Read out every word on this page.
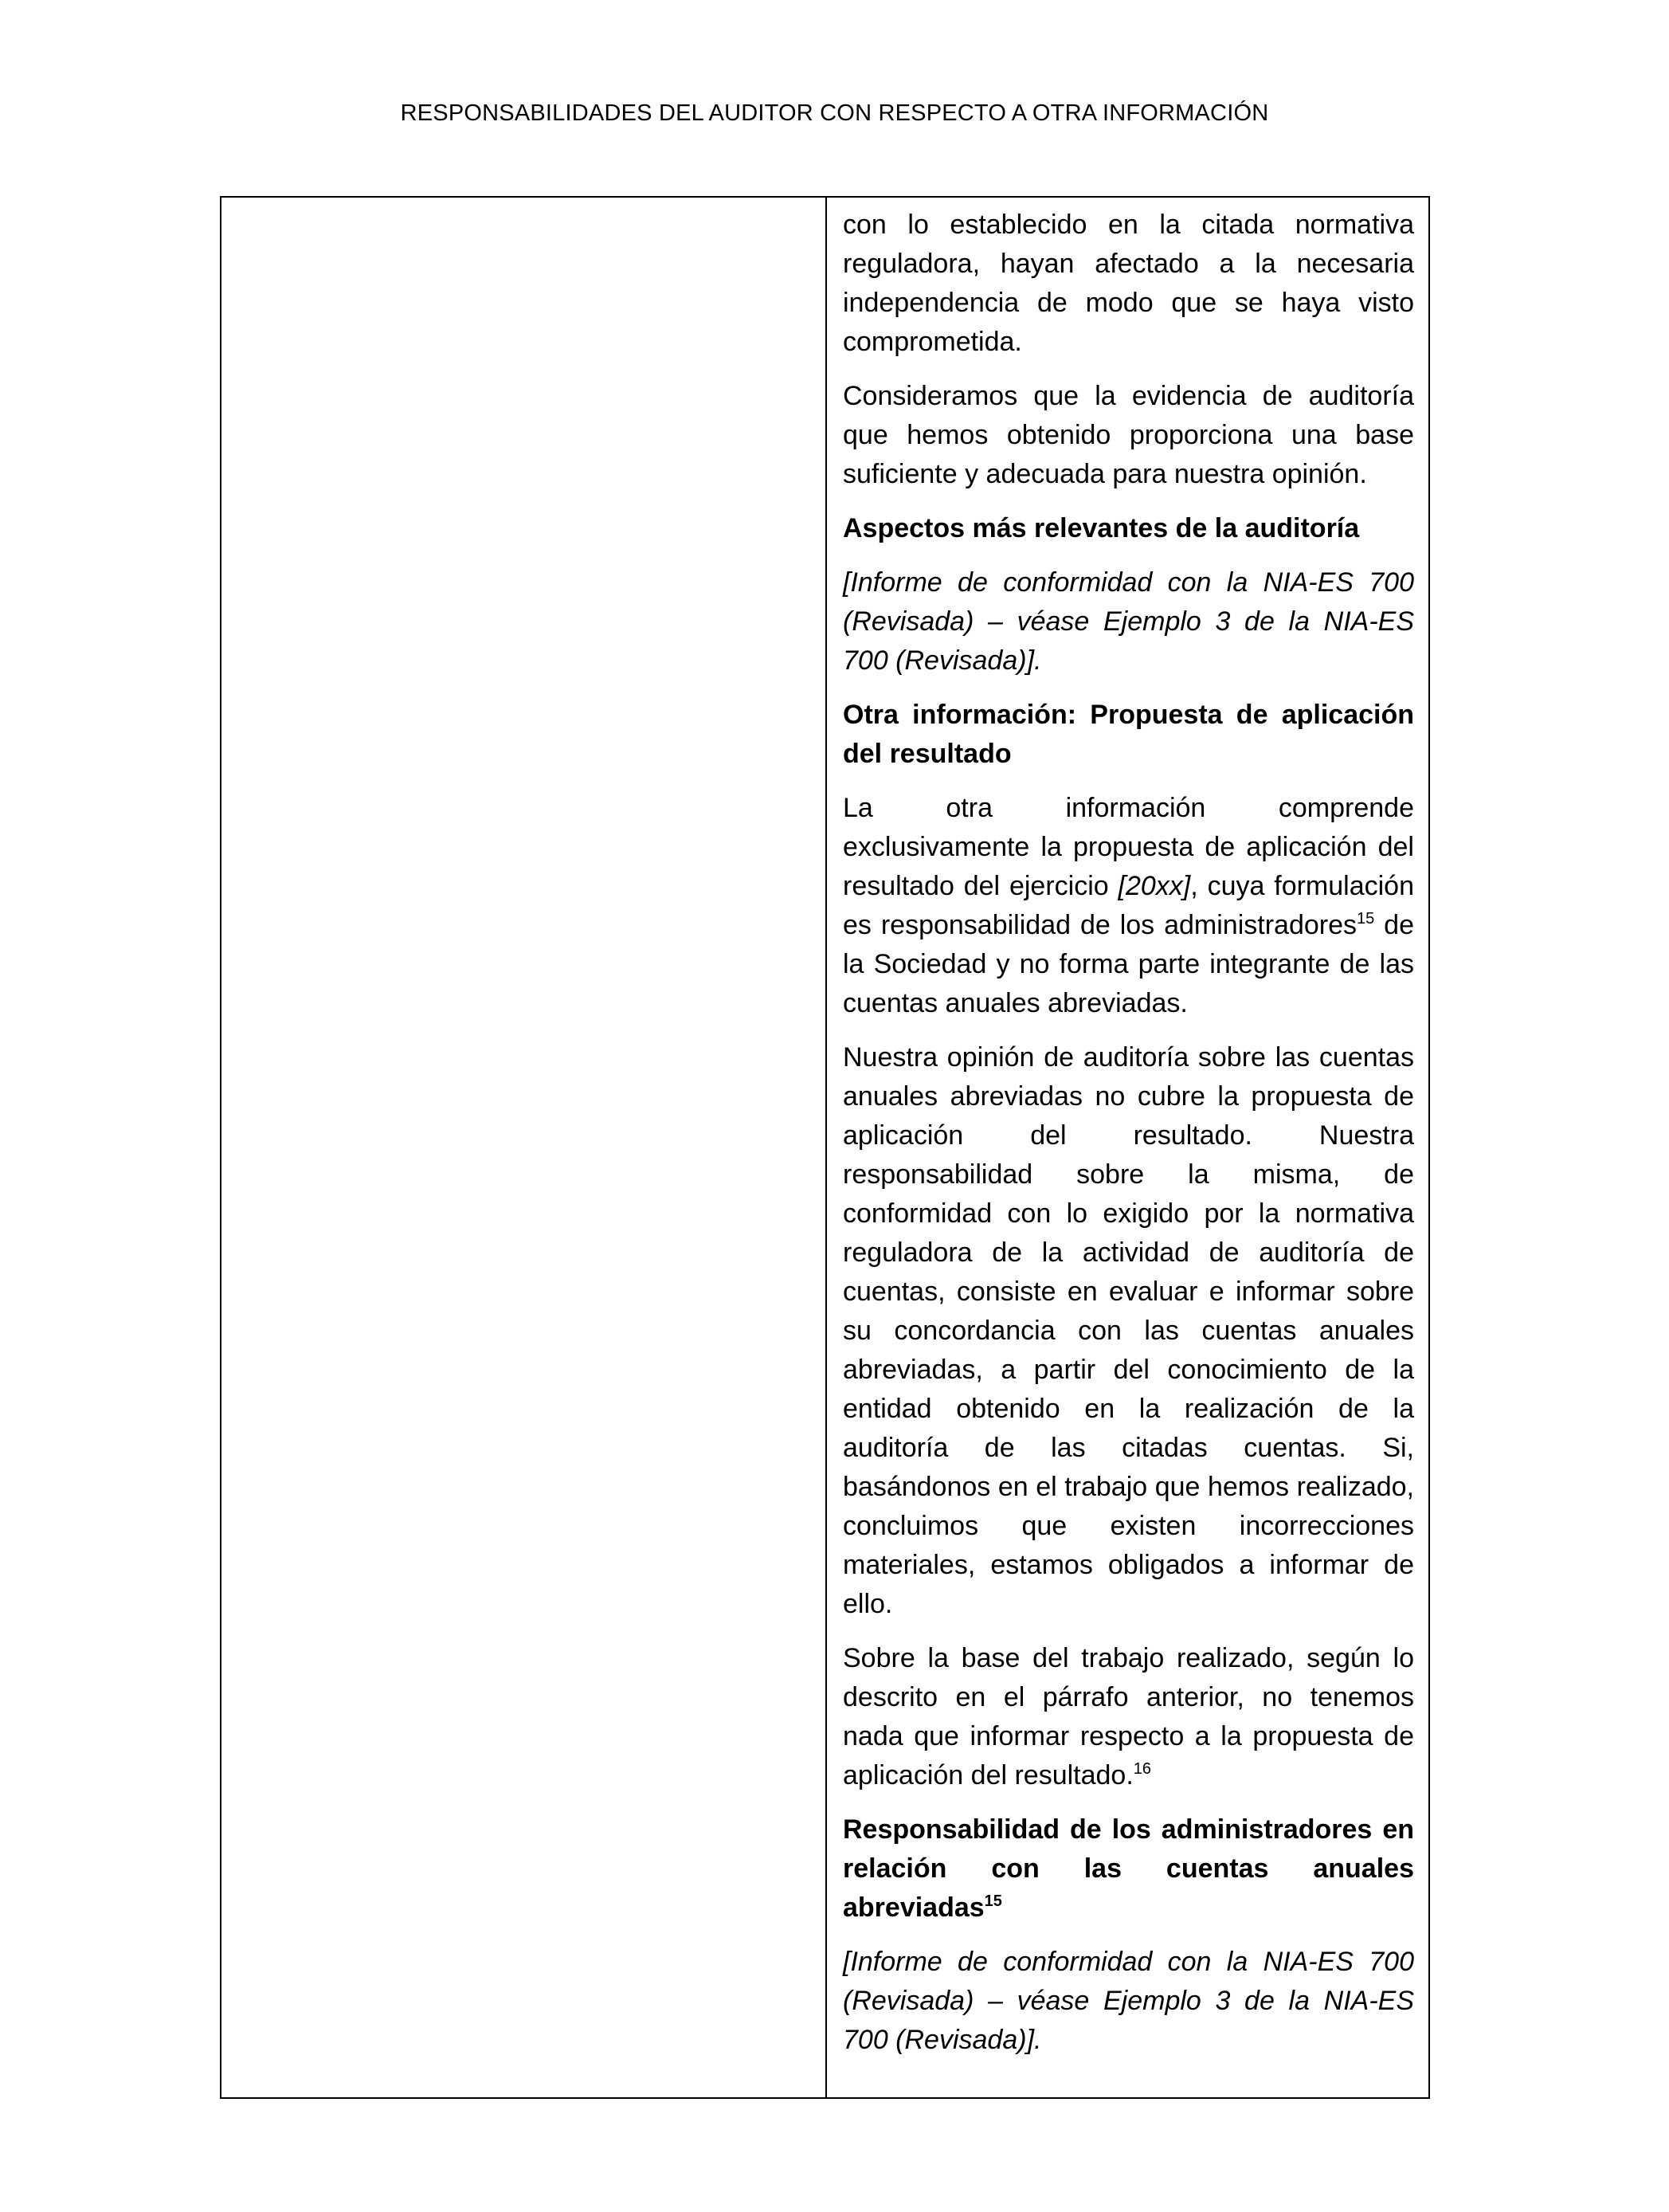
RESPONSABILIDADES DEL AUDITOR CON RESPECTO A OTRA INFORMACIÓN

con lo establecido en la citada normativa reguladora, hayan afectado a la necesaria independencia de modo que se haya visto comprometida.

Consideramos que la evidencia de auditoría que hemos obtenido proporciona una base suficiente y adecuada para nuestra opinión.

Aspectos más relevantes de la auditoría

[Informe de conformidad con la NIA-ES 700 (Revisada) – véase Ejemplo 3 de la NIA-ES 700 (Revisada)].

Otra información: Propuesta de aplicación del resultado

La otra información comprende

exclusivamente la propuesta de aplicación del resultado del ejercicio [20xx], cuya formulación es responsabilidad de los administradores$^{15}$ de la Sociedad y no forma parte integrante de las cuentas anuales abreviadas.

Nuestra opinión de auditoría sobre las cuentas anuales abreviadas no cubre la propuesta de aplicación del resultado. Nuestra responsabilidad sobre la misma, de conformidad con lo exigido por la normativa reguladora de la actividad de auditoría de cuentas, consiste en evaluar e informar sobre su concordancia con las cuentas anuales abreviadas, a partir del conocimiento de la entidad obtenido en la realización de la auditoría de las citadas cuentas. Si, basándonos en el trabajo que hemos realizado, concluimos que existen incorrecciones materiales, estamos obligados a informar de ello.

Sobre la base del trabajo realizado, según lo descrito en el párrafo anterior, no tenemos nada que informar respecto a la propuesta de aplicación del resultado.$^{16}$

Responsabilidad de los administradores en relación con las cuentas anuales abreviadas$^{15}$

[Informe de conformidad con la NIA-ES 700 (Revisada) – véase Ejemplo 3 de la NIA-ES 700 (Revisada)].
